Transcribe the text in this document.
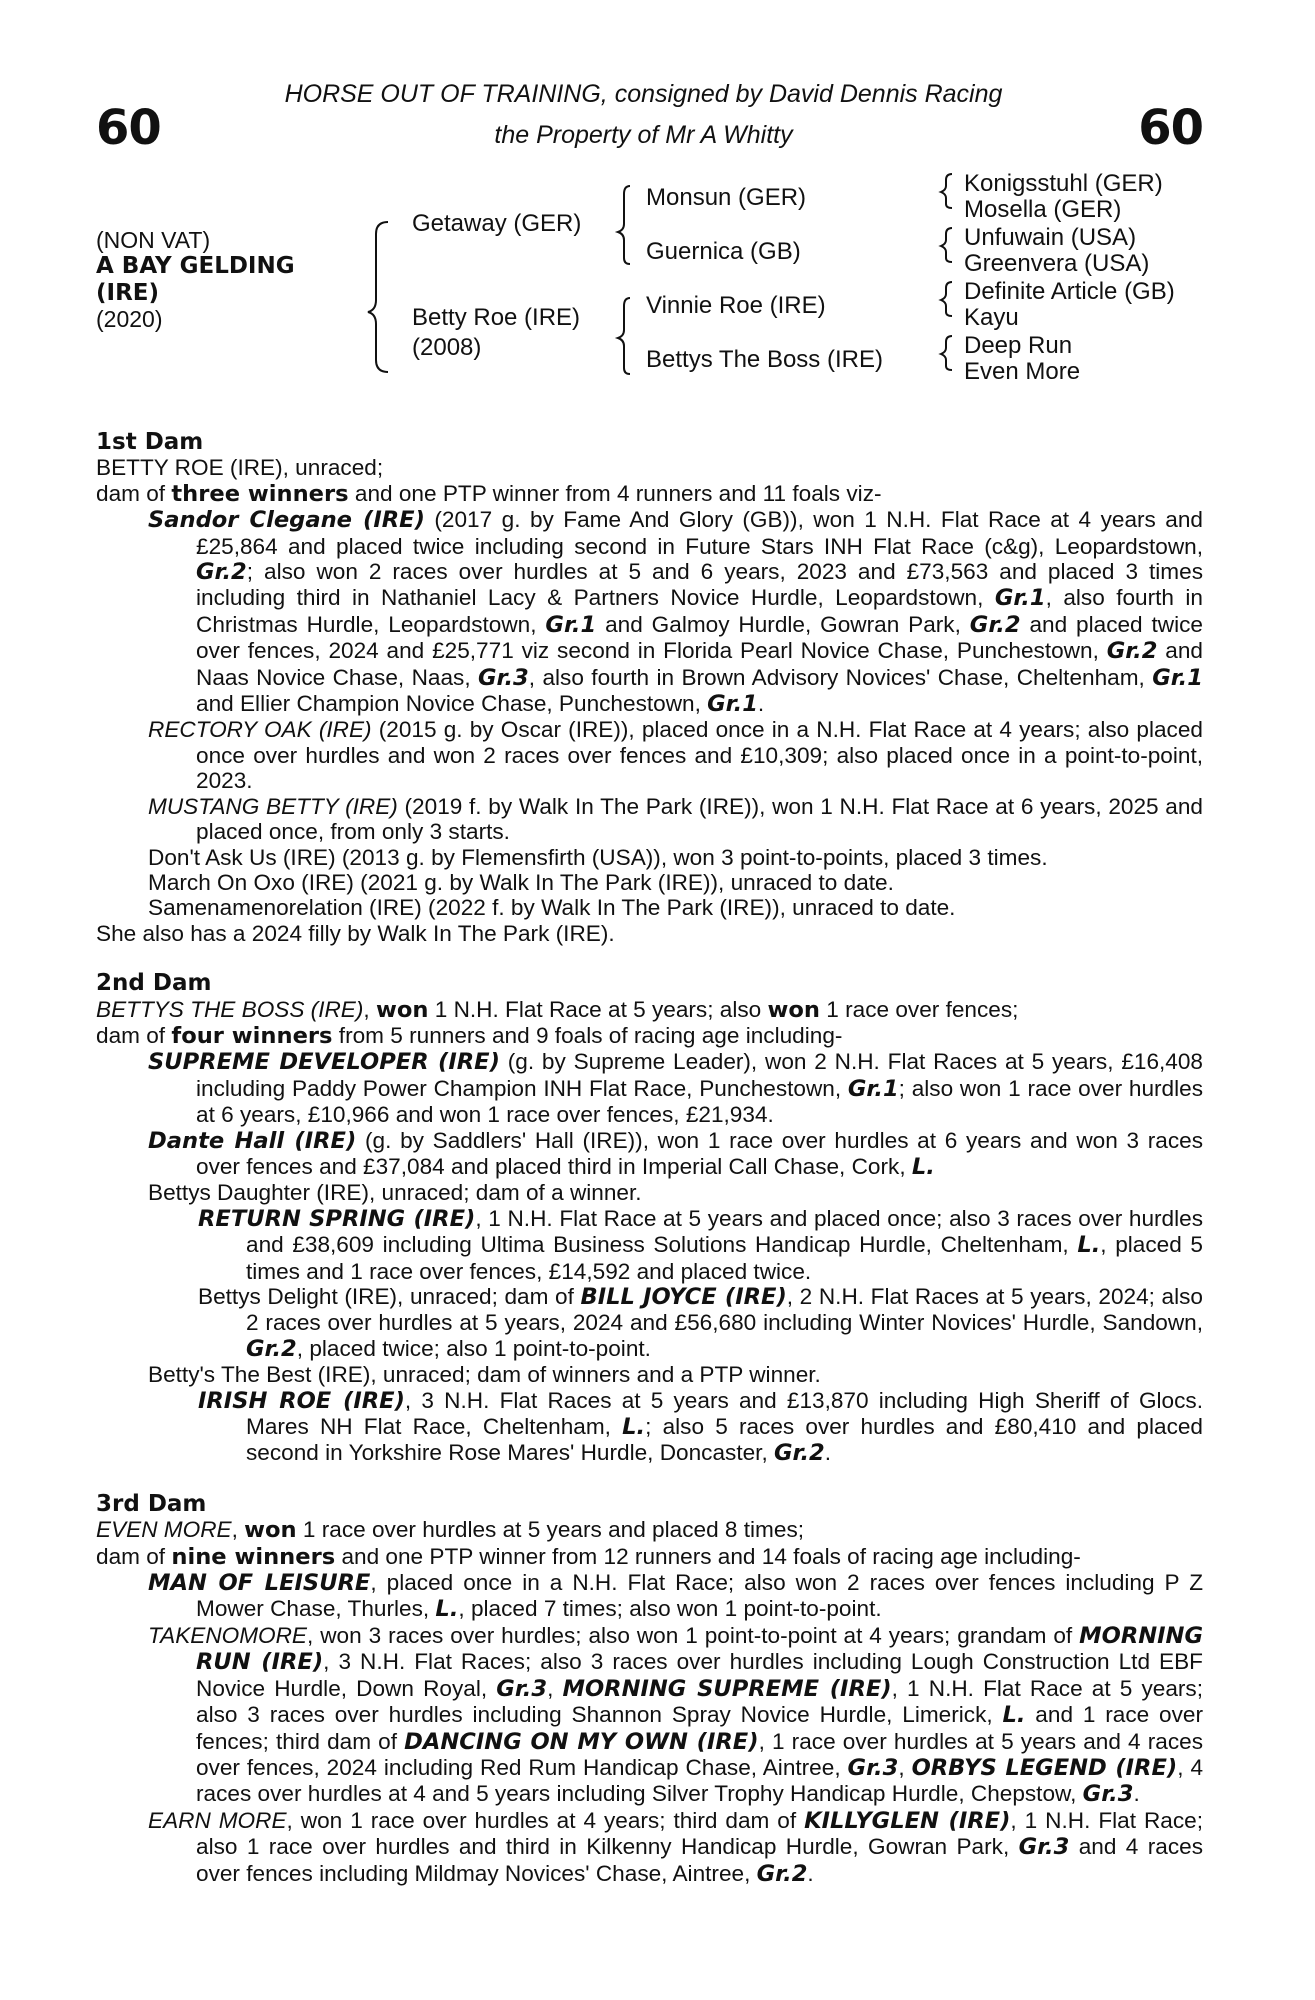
60	60
HORSE OUT OF TRAINING, consigned by David Dennis Racing
the Property of Mr A Whitty
(NON VAT)
A BAY GELDING
(IRE)
(2020)
Getaway (GER)
Betty Roe (IRE)
(2008)
Monsun (GER)
Guernica (GB)
Vinnie Roe (IRE)
Bettys The Boss (IRE)
Konigsstuhl (GER)
Mosella (GER)
Unfuwain (USA)
Greenvera (USA)
Definite Article (GB)
Kayu
Deep Run
Even More

1st Dam

BETTY ROE (IRE), unraced;

dam of three winners and one PTP winner from 4 runners and 11 foals viz-

Sandor Clegane (IRE) (2017 g. by Fame And Glory (GB)), won 1 N.H. Flat Race at 4 years and £25,864 and placed twice including second in Future Stars INH Flat Race (c&g), Leopardstown, Gr.2; also won 2 races over hurdles at 5 and 6 years, 2023 and £73,563 and placed 3 times including third in Nathaniel Lacy & Partners Novice Hurdle, Leopardstown, Gr.1, also fourth in Christmas Hurdle, Leopardstown, Gr.1 and Galmoy Hurdle, Gowran Park, Gr.2 and placed twice over fences, 2024 and £25,771 viz second in Florida Pearl Novice Chase, Punchestown, Gr.2 and Naas Novice Chase, Naas, Gr.3, also fourth in Brown Advisory Novices' Chase, Cheltenham, Gr.1 and Ellier Champion Novice Chase, Punchestown, Gr.1.

RECTORY OAK (IRE) (2015 g. by Oscar (IRE)), placed once in a N.H. Flat Race at 4 years; also placed once over hurdles and won 2 races over fences and £10,309; also placed once in a point-to-point, 2023.

MUSTANG BETTY (IRE) (2019 f. by Walk In The Park (IRE)), won 1 N.H. Flat Race at 6 years, 2025 and placed once, from only 3 starts.

Don't Ask Us (IRE) (2013 g. by Flemensfirth (USA)), won 3 point-to-points, placed 3 times.

March On Oxo (IRE) (2021 g. by Walk In The Park (IRE)), unraced to date.

Samenamenorelation (IRE) (2022 f. by Walk In The Park (IRE)), unraced to date.

She also has a 2024 filly by Walk In The Park (IRE).

2nd Dam

BETTYS THE BOSS (IRE), won 1 N.H. Flat Race at 5 years; also won 1 race over fences;

dam of four winners from 5 runners and 9 foals of racing age including-

SUPREME DEVELOPER (IRE) (g. by Supreme Leader), won 2 N.H. Flat Races at 5 years, £16,408 including Paddy Power Champion INH Flat Race, Punchestown, Gr.1; also won 1 race over hurdles at 6 years, £10,966 and won 1 race over fences, £21,934.

Dante Hall (IRE) (g. by Saddlers' Hall (IRE)), won 1 race over hurdles at 6 years and won 3 races over fences and £37,084 and placed third in Imperial Call Chase, Cork, L.

Bettys Daughter (IRE), unraced; dam of a winner.

RETURN SPRING (IRE), 1 N.H. Flat Race at 5 years and placed once; also 3 races over hurdles and £38,609 including Ultima Business Solutions Handicap Hurdle, Cheltenham, L., placed 5 times and 1 race over fences, £14,592 and placed twice.

Bettys Delight (IRE), unraced; dam of BILL JOYCE (IRE), 2 N.H. Flat Races at 5 years, 2024; also 2 races over hurdles at 5 years, 2024 and £56,680 including Winter Novices' Hurdle, Sandown, Gr.2, placed twice; also 1 point-to-point.

Betty's The Best (IRE), unraced; dam of winners and a PTP winner.

IRISH ROE (IRE), 3 N.H. Flat Races at 5 years and £13,870 including High Sheriff of Glocs. Mares NH Flat Race, Cheltenham, L.; also 5 races over hurdles and £80,410 and placed second in Yorkshire Rose Mares' Hurdle, Doncaster, Gr.2.

3rd Dam

EVEN MORE, won 1 race over hurdles at 5 years and placed 8 times;

dam of nine winners and one PTP winner from 12 runners and 14 foals of racing age including-

MAN OF LEISURE, placed once in a N.H. Flat Race; also won 2 races over fences including P Z Mower Chase, Thurles, L., placed 7 times; also won 1 point-to-point.

TAKENOMORE, won 3 races over hurdles; also won 1 point-to-point at 4 years; grandam of MORNING RUN (IRE), 3 N.H. Flat Races; also 3 races over hurdles including Lough Construction Ltd EBF Novice Hurdle, Down Royal, Gr.3, MORNING SUPREME (IRE), 1 N.H. Flat Race at 5 years; also 3 races over hurdles including Shannon Spray Novice Hurdle, Limerick, L. and 1 race over fences; third dam of DANCING ON MY OWN (IRE), 1 race over hurdles at 5 years and 4 races over fences, 2024 including Red Rum Handicap Chase, Aintree, Gr.3, ORBYS LEGEND (IRE), 4 races over hurdles at 4 and 5 years including Silver Trophy Handicap Hurdle, Chepstow, Gr.3.

EARN MORE, won 1 race over hurdles at 4 years; third dam of KILLYGLEN (IRE), 1 N.H. Flat Race; also 1 race over hurdles and third in Kilkenny Handicap Hurdle, Gowran Park, Gr.3 and 4 races over fences including Mildmay Novices' Chase, Aintree, Gr.2.
